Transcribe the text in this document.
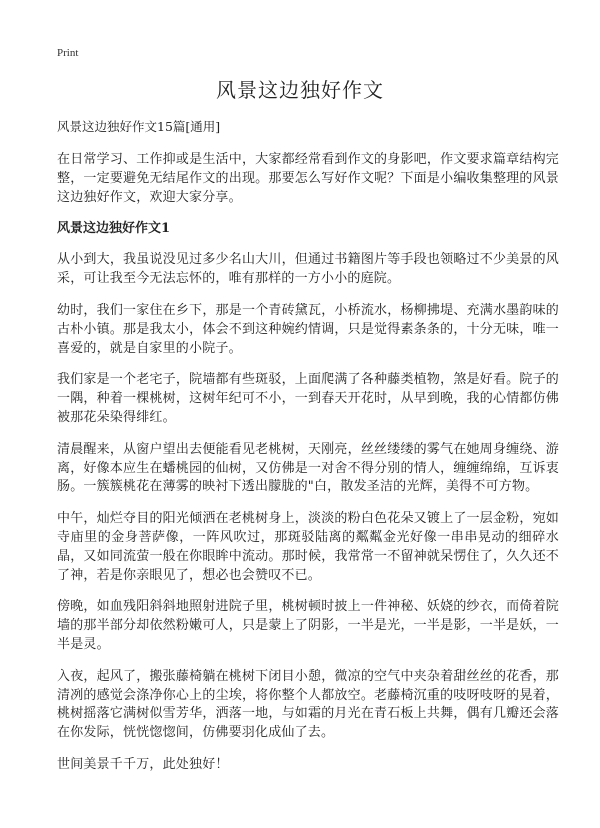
Print
风景这边独好作文

风景这边独好作文15篇[通用]

在日常学习、工作抑或是生活中，大家都经常看到作文的身影吧，作文要求篇章结构完整，一定要避免无结尾作文的出现。那要怎么写好作文呢？下面是小编收集整理的风景这边独好作文，欢迎大家分享。

风景这边独好作文1

从小到大，我虽说没见过多少名山大川，但通过书籍图片等手段也领略过不少美景的风采，可让我至今无法忘怀的，唯有那样的一方小小的庭院。

幼时，我们一家住在乡下，那是一个青砖黛瓦，小桥流水，杨柳拂堤、充满水墨韵味的古朴小镇。那是我太小，体会不到这种婉约情调，只是觉得素条条的，十分无味，唯一喜爱的，就是自家里的小院子。

我们家是一个老宅子，院墙都有些斑驳，上面爬满了各种藤类植物，煞是好看。院子的一隅，种着一棵桃树，这树年纪可不小，一到春天开花时，从早到晚，我的心情都仿佛被那花朵染得绯红。

清晨醒来，从窗户望出去便能看见老桃树，天刚亮，丝丝缕缕的雾气在她周身缠绕、游离，好像本应生在蟠桃园的仙树，又仿佛是一对舍不得分别的情人，缠缠绵绵，互诉衷肠。一簇簇桃花在薄雾的映衬下透出朦胧的"白，散发圣洁的光辉，美得不可方物。

中午，灿烂夺目的阳光倾洒在老桃树身上，淡淡的粉白色花朵又镀上了一层金粉，宛如寺庙里的金身菩萨像，一阵风吹过，那斑驳陆离的粼粼金光好像一串串晃动的细碎水晶，又如同流萤一般在你眼眸中流动。那时候，我常常一不留神就呆愣住了，久久还不了神，若是你亲眼见了，想必也会赞叹不已。

傍晚，如血残阳斜斜地照射进院子里，桃树顿时披上一件神秘、妖娆的纱衣，而倚着院墙的那半部分却依然粉嫩可人，只是蒙上了阴影，一半是光，一半是影，一半是妖，一半是灵。

入夜，起风了，搬张藤椅躺在桃树下闭目小憩，微凉的空气中夹杂着甜丝丝的花香，那清冽的感觉会涤净你心上的尘埃，将你整个人都放空。老藤椅沉重的吱呀吱呀的晃着，桃树摇落它满树似雪芳华，洒落一地，与如霜的月光在青石板上共舞，偶有几瓣还会落在你发际，恍恍惚惚间，仿佛要羽化成仙了去。

世间美景千千万，此处独好！
